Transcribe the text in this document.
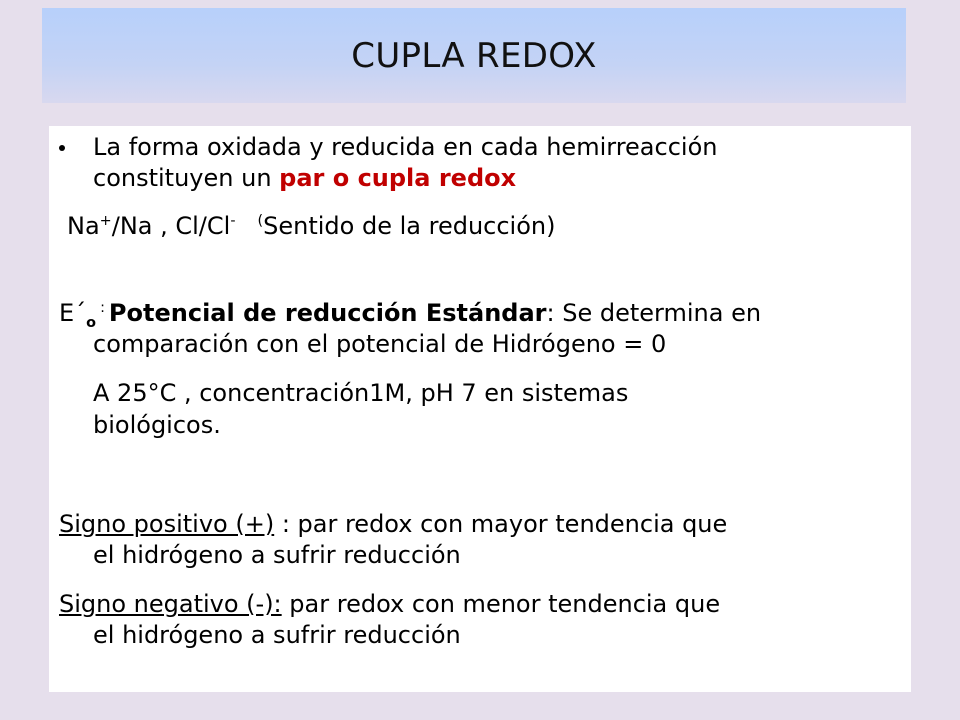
CUPLA REDOX

La forma oxidada y reducida en cada hemirreacción

constituyen un par o cupla redox

Na+/Na , Cl/Cl- (Sentido de la reducción)

$E´_o^:$ Potencial de reducción Estándar: Se determina en

comparación con el potencial de Hidrógeno = 0

A 25°C , concentración1M, pH 7 en sistemas

biológicos.

Signo positivo (+) : par redox con mayor tendencia que

el hidrógeno a sufrir reducción

Signo negativo (-): par redox con menor tendencia que

el hidrógeno a sufrir reducción
